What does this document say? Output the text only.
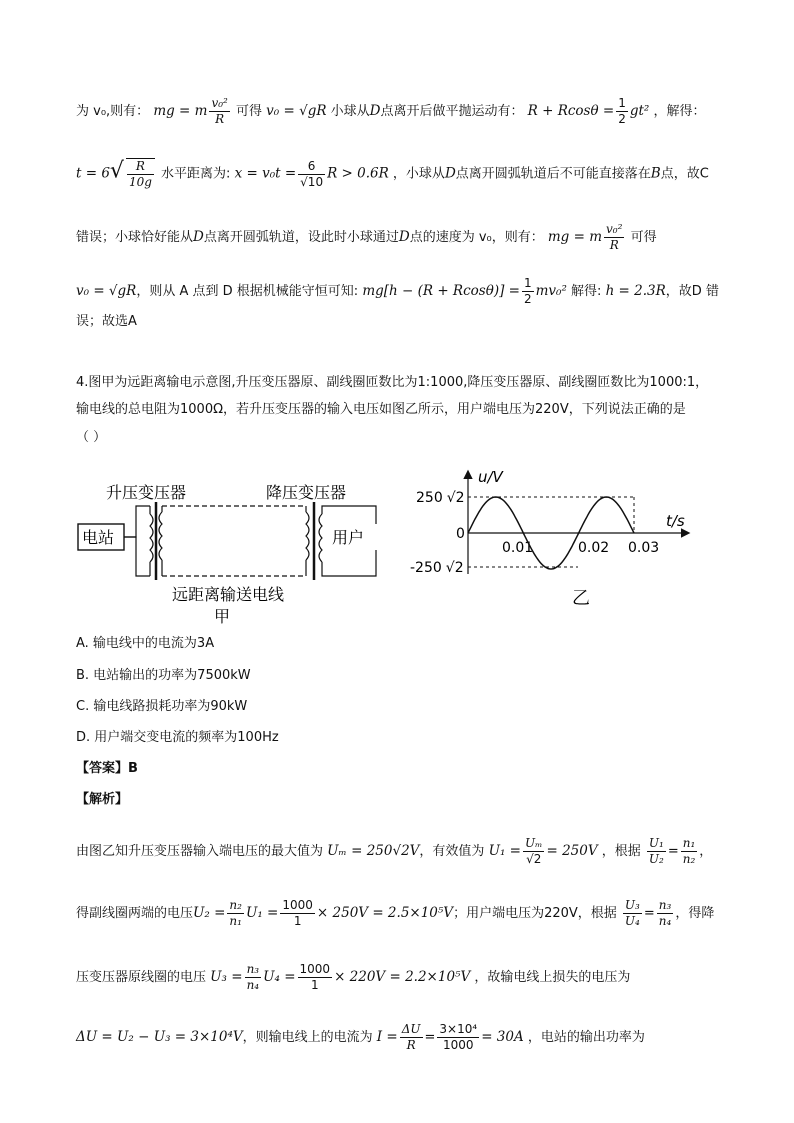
为 v₀,则有： mg = m $\frac{\text{v₀²}}{R}$ 可得 v₀ = √gR 小球从D点离开后做平抛运动有： $R + Rcos\theta = \frac{1}{2} gt^2$ ，解得：
$t = 6√ \frac{R}{10g}$ 水平距离为: $x = v_0t = \frac{6}{√10}$ R > 0.6R ，小球从D点离开圆弧轨道后不可能直接落在B点，故C
错误；小球恰好能从D点离开圆弧轨道，设此时小球通过D点的速度为 v₀，则有： mg = m $\frac{\text{v₀²}}{R}$ 可得
v₀ = √gR，则从 A 点到 D 根据机械能守恒可知: $mg[h - (R + Rcos\theta)] = \frac{1}{2} mv_0^2$ 解得: h = 2.3R，故D 错
误；故选A
4.图甲为远距离输电示意图,升压变压器原、副线圈匝数比为1:1000,降压变压器原、副线圈匝数比为1000:1，
输电线的总电阻为1000Ω，若升压变压器的输入电压如图乙所示，用户端电压为220V，下列说法正确的是
（ ）
升压变压器	降压变压器
电站	用户
远距离输送电线
甲
u/V
t/s
250 √2
0
-250 √2
0.01	0.02 0.03
乙
A. 输电线中的电流为3A
B. 电站输出的功率为7500kW
C. 输电线路损耗功率为90kW
D. 用户端交变电流的频率为100Hz
【答案】B
【解析】
由图乙知升压变压器输入端电压的最大值为 Uₘ = 250√2V，有效值为 $U_1 = \frac{\text{Uₘ}}{√2} = 250V$ ，根据 $\frac{\text{U₁}}{\text{U₂}} = \frac{\text{n₁}}{\text{n₂}}$ ，
得副线圈两端的电压$U_2 = \frac{\text{n₂}}{\text{n₁}} U_1 = \frac{1000}{1} \times 250V = 2.5\times 10^5V$；用户端电压为220V，根据 $\frac{\text{U₃}}{\text{U₄}} = \frac{\text{n₃}}{\text{n₄}}$ ，得降
压变压器原线圈的电压 $U_3 = \frac{\text{n₃}}{\text{n₄}} U_4 = \frac{1000}{1} \times 220V = 2.2\times 10^5V$ ，故输电线上损失的电压为
ΔU = U₂ − U₃ = 3×10⁴V，则输电线上的电流为 $I = \frac{\Delta U}{R} = \frac{\text{3×10⁴}}{1000} = 30A$ ，电站的输出功率为
